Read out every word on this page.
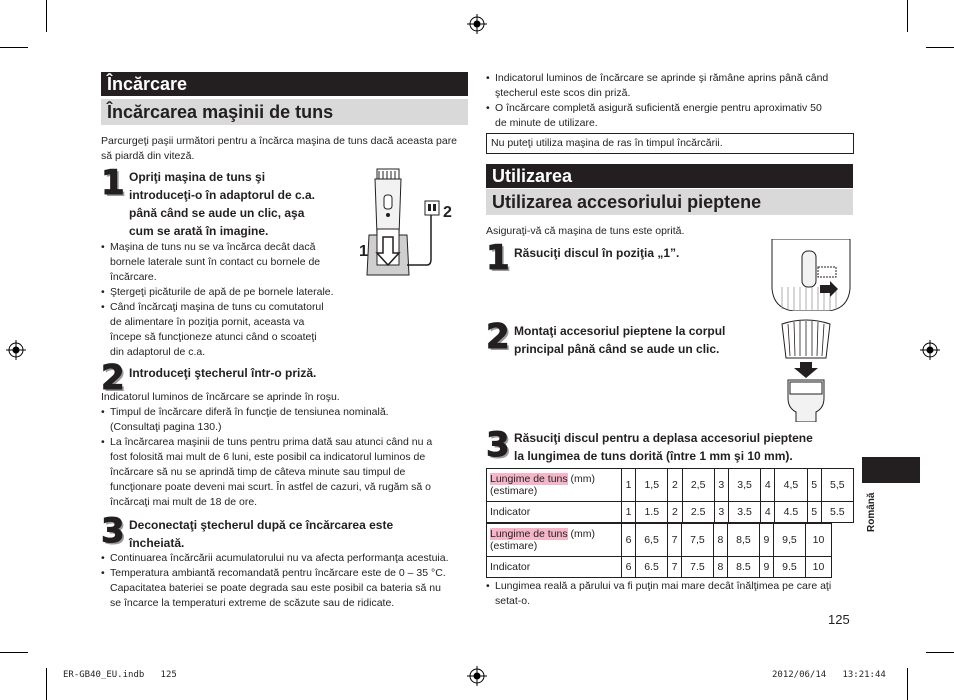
Încărcare
Încărcarea maşinii de tuns
Parcurgeţi paşii următori pentru a încărca maşina de tuns dacă aceasta pare să piardă din viteză.
1 Opriţi maşina de tuns şi
introduceţi-o în adaptorul de c.a.
până când se aude un clic, aşa
cum se arată în imagine.
• Maşina de tuns nu se va încărca decât dacă
bornele laterale sunt în contact cu bornele de
încărcare.
• Ştergeţi picăturile de apă de pe bornele laterale.
• Când încărcaţi maşina de tuns cu comutatorul
de alimentare în poziţia pornit, aceasta va
începe să funcţioneze atunci când o scoateţi
din adaptorul de c.a.
1
2
2 Introduceţi ştecherul într-o priză.
Indicatorul luminos de încărcare se aprinde în roşu.
• Timpul de încărcare diferă în funcţie de tensiunea nominală.
(Consultaţi pagina 130.)
• La încărcarea maşinii de tuns pentru prima dată sau atunci când nu a
fost folosită mai mult de 6 luni, este posibil ca indicatorul luminos de
încărcare să nu se aprindă timp de câteva minute sau timpul de
funcţionare poate deveni mai scurt. În astfel de cazuri, vă rugăm să o
încărcaţi mai mult de 18 de ore.
3 Deconectaţi ştecherul după ce încărcarea este
încheiată.
• Continuarea încărcării acumulatorului nu va afecta performanţa acestuia.
• Temperatura ambiantă recomandată pentru încărcare este de 0 – 35 °C.
Capacitatea bateriei se poate degrada sau este posibil ca bateria să nu
se încarce la temperaturi extreme de scăzute sau de ridicate.
• Indicatorul luminos de încărcare se aprinde şi rămâne aprins până când
ştecherul este scos din priză.
• O încărcare completă asigură suficientă energie pentru aproximativ 50
de minute de utilizare.
Nu puteţi utiliza maşina de ras în timpul încărcării.
Utilizarea
Utilizarea accesoriului pieptene
Asiguraţi-vă că maşina de tuns este oprită.
1 Răsuciţi discul în poziţia „1”.
2 Montaţi accesoriul pieptene la corpul
principal până când se aude un clic.
3 Răsuciţi discul pentru a deplasa accesoriul pieptene
la lungimea de tuns dorită (între 1 mm şi 10 mm).
Lungime de tuns (mm)
(estimare)	1	1,5	2	2,5	3	3,5	4	4,5	5	5,5
Indicator	1	1.5	2	2.5	3	3.5	4	4.5	5	5.5
Lungime de tuns (mm)
(estimare)	6	6,5	7	7,5	8	8,5	9	9,5	10
Indicator	6	6.5	7	7.5	8	8.5	9	9.5	10
• Lungimea reală a părului va fi puţin mai mare decât înălţimea pe care aţi
setat-o.
125
Română
ER-GB40_EU.indb   125	2012/06/14   13:21:44
